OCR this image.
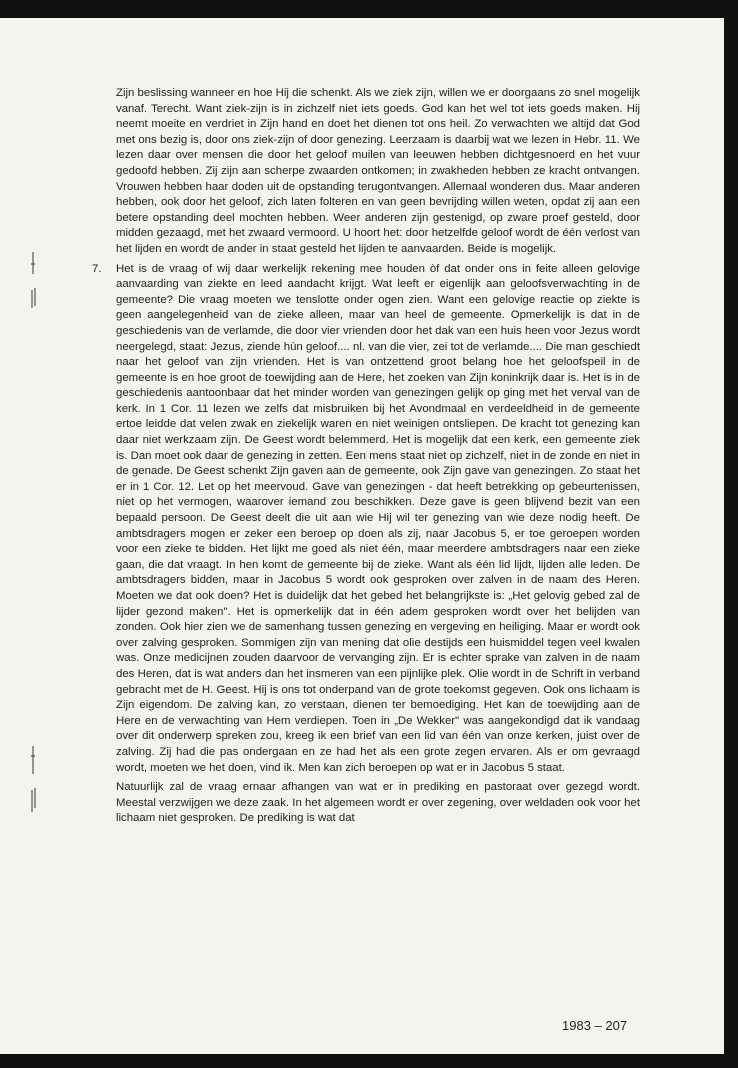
Zijn beslissing wanneer en hoe Hij die schenkt. Als we ziek zijn, willen we er doorgaans zo snel mogelijk vanaf. Terecht. Want ziek-zijn is in zichzelf niet iets goeds. God kan het wel tot iets goeds maken. Hij neemt moeite en verdriet in Zijn hand en doet het dienen tot ons heil. Zo verwachten we altijd dat God met ons bezig is, door ons ziek-zijn of door genezing. Leerzaam is daarbij wat we lezen in Hebr. 11. We lezen daar over mensen die door het geloof muilen van leeuwen hebben dichtgesnoerd en het vuur gedoofd hebben. Zij zijn aan scherpe zwaarden ontkomen; in zwakheden hebben ze kracht ontvangen. Vrouwen hebben haar doden uit de opstanding terugontvangen. Allemaal wonderen dus. Maar anderen hebben, ook door het geloof, zich laten folteren en van geen bevrijding willen weten, opdat zij aan een betere opstanding deel mochten hebben. Weer anderen zijn gestenigd, op zware proef gesteld, door midden gezaagd, met het zwaard vermoord. U hoort het: door hetzelfde geloof wordt de één verlost van het lijden en wordt de ander in staat gesteld het lijden te aanvaarden. Beide is mogelijk.

7. Het is de vraag of wij daar werkelijk rekening mee houden òf dat onder ons in feite alleen gelovige aanvaarding van ziekte en leed aandacht krijgt. Wat leeft er eigenlijk aan geloofsverwachting in de gemeente? Die vraag moeten we tenslotte onder ogen zien. Want een gelovige reactie op ziekte is geen aangelegenheid van de zieke alleen, maar van heel de gemeente. Opmerkelijk is dat in de geschiedenis van de verlamde, die door vier vrienden door het dak van een huis heen voor Jezus wordt neergelegd, staat: Jezus, ziende hùn geloof.... nl. van die vier, zei tot de verlamde.... Die man geschiedt naar het geloof van zijn vrienden. Het is van ontzettend groot belang hoe het geloofspeil in de gemeente is en hoe groot de toewijding aan de Here, het zoeken van Zijn koninkrijk daar is. Het is in de geschiedenis aantoonbaar dat het minder worden van genezingen gelijk op ging met het verval van de kerk. In 1 Cor. 11 lezen we zelfs dat misbruiken bij het Avondmaal en verdeeldheid in de gemeente ertoe leidde dat velen zwak en ziekelijk waren en niet weinigen ontsliepen. De kracht tot genezing kan daar niet werkzaam zijn. De Geest wordt belemmerd. Het is mogelijk dat een kerk, een gemeente ziek is. Dan moet ook daar de genezing in zetten. Een mens staat niet op zichzelf, niet in de zonde en niet in de genade. De Geest schenkt Zijn gaven aan de gemeente, ook Zijn gave van genezingen. Zo staat het er in 1 Cor. 12. Let op het meervoud. Gave van genezingen - dat heeft betrekking op gebeurtenissen, niet op het vermogen, waarover iemand zou beschikken. Deze gave is geen blijvend bezit van een bepaald persoon. De Geest deelt die uit aan wie Hij wil ter genezing van wie deze nodig heeft. De ambtsdragers mogen er zeker een beroep op doen als zij, naar Jacobus 5, er toe geroepen worden voor een zieke te bidden. Het lijkt me goed als niet één, maar meerdere ambtsdragers naar een zieke gaan, die dat vraagt. In hen komt de gemeente bij de zieke. Want als één lid lijdt, lijden alle leden. De ambtsdragers bidden, maar in Jacobus 5 wordt ook gesproken over zalven in de naam des Heren. Moeten we dat ook doen? Het is duidelijk dat het gebed het belangrijkste is: „Het gelovig gebed zal de lijder gezond maken". Het is opmerkelijk dat in één adem gesproken wordt over het belijden van zonden. Ook hier zien we de samenhang tussen genezing en vergeving en heiliging. Maar er wordt ook over zalving gesproken. Sommigen zijn van mening dat olie destijds een huismiddel tegen veel kwalen was. Onze medicijnen zouden daarvoor de vervanging zijn. Er is echter sprake van zalven in de naam des Heren, dat is wat anders dan het insmeren van een pijnlijke plek. Olie wordt in de Schrift in verband gebracht met de H. Geest. Hij is ons tot onderpand van de grote toekomst gegeven. Ook ons lichaam is Zijn eigendom. De zalving kan, zo verstaan, dienen ter bemoediging. Het kan de toewijding aan de Here en de verwachting van Hem verdiepen. Toen in „De Wekker" was aangekondigd dat ik vandaag over dit onderwerp spreken zou, kreeg ik een brief van een lid van één van onze kerken, juist over de zalving. Zij had die pas ondergaan en ze had het als een grote zegen ervaren. Als er om gevraagd wordt, moeten we het doen, vind ik. Men kan zich beroepen op wat er in Jacobus 5 staat.

Natuurlijk zal de vraag ernaar afhangen van wat er in prediking en pastoraat over gezegd wordt. Meestal verzwijgen we deze zaak. In het algemeen wordt er over zegening, over weldaden ook voor het lichaam niet gesproken. De prediking is wat dat

1983 – 207
